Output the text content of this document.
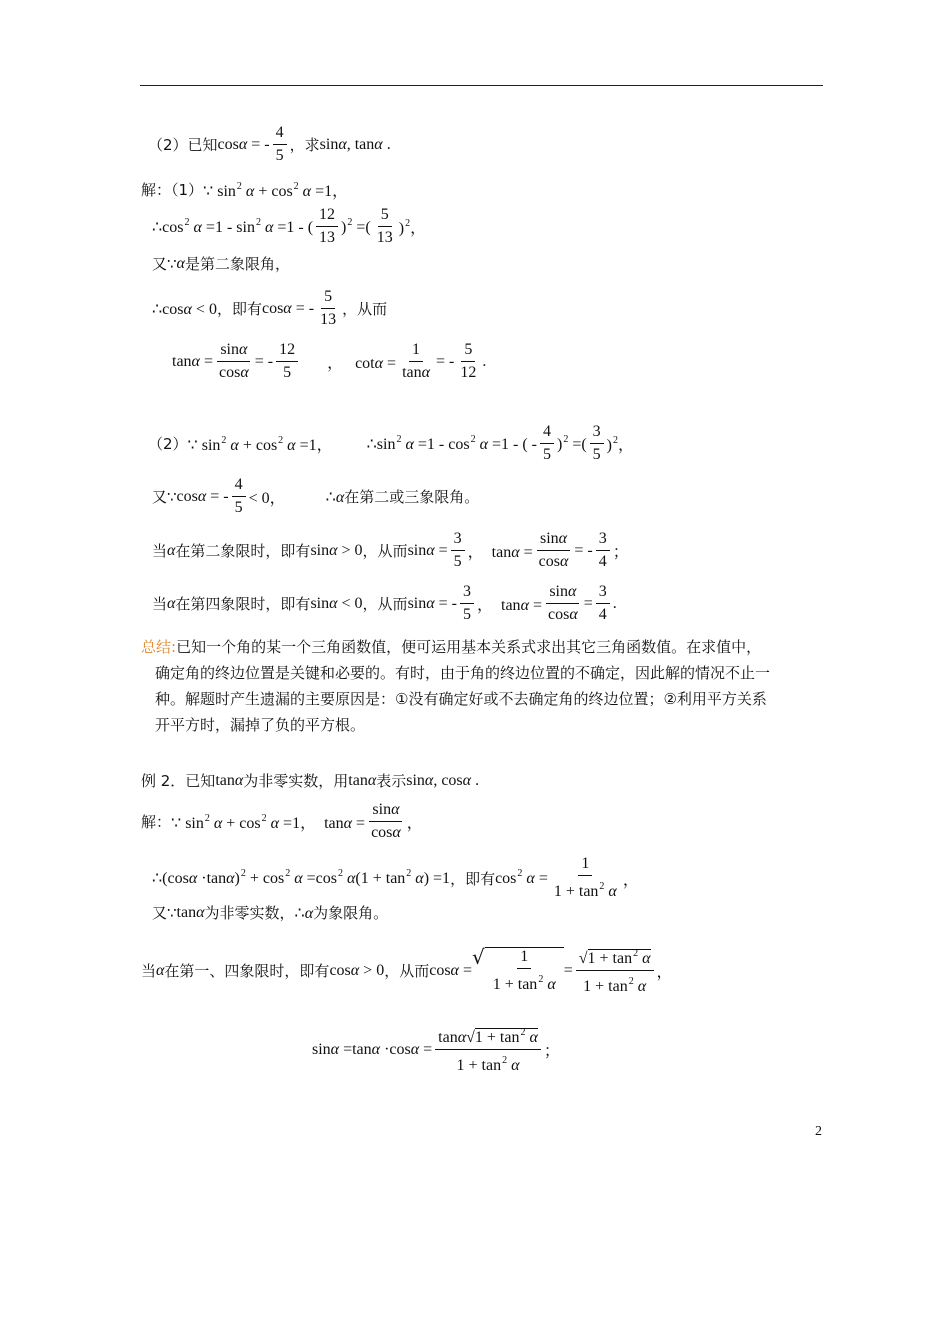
（2）已知 cosα = - $\frac{4}{5}$ ，求 sinα, tanα .
解：（1） ∵ $\sin^2 \alpha + \cos^2 \alpha =1$，
$\therefore\cos^2$ $\alpha =1 - \sin^2 \alpha =1$ - ( $\frac{12}{13} )^2$ =( $\frac{5}{13} )^2$，
又∵ α 是第二象限角，
∴cosα < 0 ，即有 cosα = - $\frac{5}{13}$ ，从而
$\tan\alpha = \frac{\sin\alpha}{\cos\alpha}$ = - $\frac{12}{5}$ ，   $\cot\alpha = \frac{1}{\tan\alpha}$ = - $\frac{5}{12}$ .
（2） ∵ $\sin^2 \alpha + \cos^2 \alpha =1$， $\therefore\sin^2$ $\alpha =1 - \cos^2 \alpha =1$ - ( - $\frac{4}{5} )^2$ =( $\frac{3}{5} )^2$，
又∵ cosα = - $\frac{4}{5} < 0$，	∴α 在第二或三象限角。
当 α 在第二象限时，即有 sinα > 0 ，从而 $\sin\alpha = \frac{3}{5}$ ，  $\tan\alpha = \frac{\sin\alpha}{\cos\alpha}$ = - $\frac{3}{4}$ ；
当 α 在第四象限时，即有 sinα < 0 ，从而 sinα = - $\frac{3}{5}$ ，  $\tan\alpha = \frac{\sin\alpha}{\cos\alpha} = \frac{3}{4}$ .

总结:已知一个角的某一个三角函数值，便可运用基本关系式求出其它三角函数值。在求值中，

确定角的终边位置是关键和必要的。有时，由于角的终边位置的不确定，因此解的情况不止一

种。解题时产生遗漏的主要原因是：①没有确定好或不去确定角的终边位置；②利用平方关系

开平方时，漏掉了负的平方根。

例 2．已知 tanα 为非零实数，用 tanα 表示 sinα, cosα .
解： ∵ $\sin^2 \alpha + \cos^2 \alpha =1$，  $\tan\alpha = \frac{\sin\alpha}{\cos\alpha}$ ，
∴(cosα $\cdot\tan\alpha)^2 + \cos^2 \alpha =\cos^2$ $\alpha(1 + \tan^2 \alpha) =1$ ，即有 $\cos^2 \alpha = \frac{1}{1 + \tan^2 \alpha}$ ，
又∵ tanα 为非零实数， ∴α 为象限角。
当 α 在第一、四象限时，即有 cosα > 0 ，从而 cosα =
√ $\frac{1}{1 + \tan^2 \alpha} = \frac{√1 + \tan^2 \alpha}{1 + \tan^2 \alpha}$ ，
$\sin\alpha =\tan\alpha \cdot\cos\alpha = \frac{\tan\alpha√1 + \tan^2 \alpha}{1 + \tan^2 \alpha}$ ；
2
